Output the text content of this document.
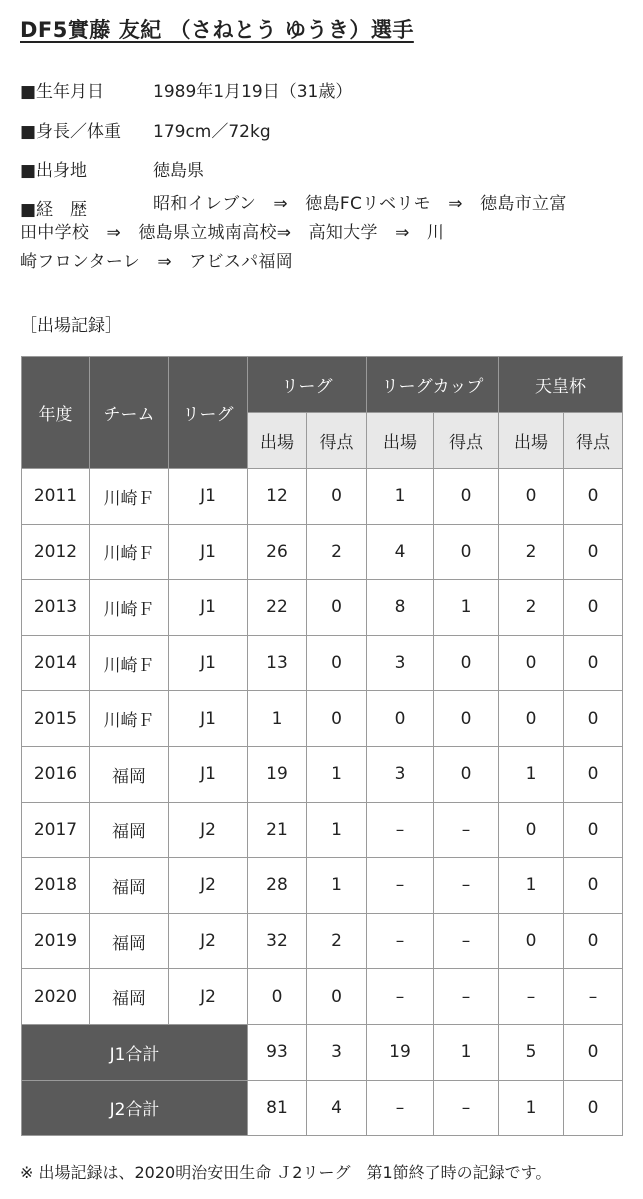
DF5實藤 友紀 （さねとう ゆうき）選手
■生年月日	1989年1月19日（31歳）
■身長／体重	179cm／72kg
■出身地	徳島県
■経　歴	昭和イレブン　⇒　徳島FCリベリモ　⇒　徳島市立富
田中学校　⇒　徳島県立城南高校⇒　高知大学　⇒　川
崎フロンターレ　⇒　アビスパ福岡
［出場記録］
年度	チーム	リーグ	リーグ		リーグカップ		天皇杯	
			出場	得点	出場	得点	出場	得点
2011	川崎Ｆ	J1	12	0	1	0	0	0
2012	川崎Ｆ	J1	26	2	4	0	2	0
2013	川崎Ｆ	J1	22	0	8	1	2	0
2014	川崎Ｆ	J1	13	0	3	0	0	0
2015	川崎Ｆ	J1	1	0	0	0	0	0
2016	福岡	J1	19	1	3	0	1	0
2017	福岡	J2	21	1	–	–	0	0
2018	福岡	J2	28	1	–	–	1	0
2019	福岡	J2	32	2	–	–	0	0
2020	福岡	J2	0	0	–	–	–	–
J1合計			93	3	19	1	5	0
J2合計			81	4	–	–	1	0
※ 出場記録は、2020明治安田生命 Ｊ2リーグ　第1節終了時の記録です。
